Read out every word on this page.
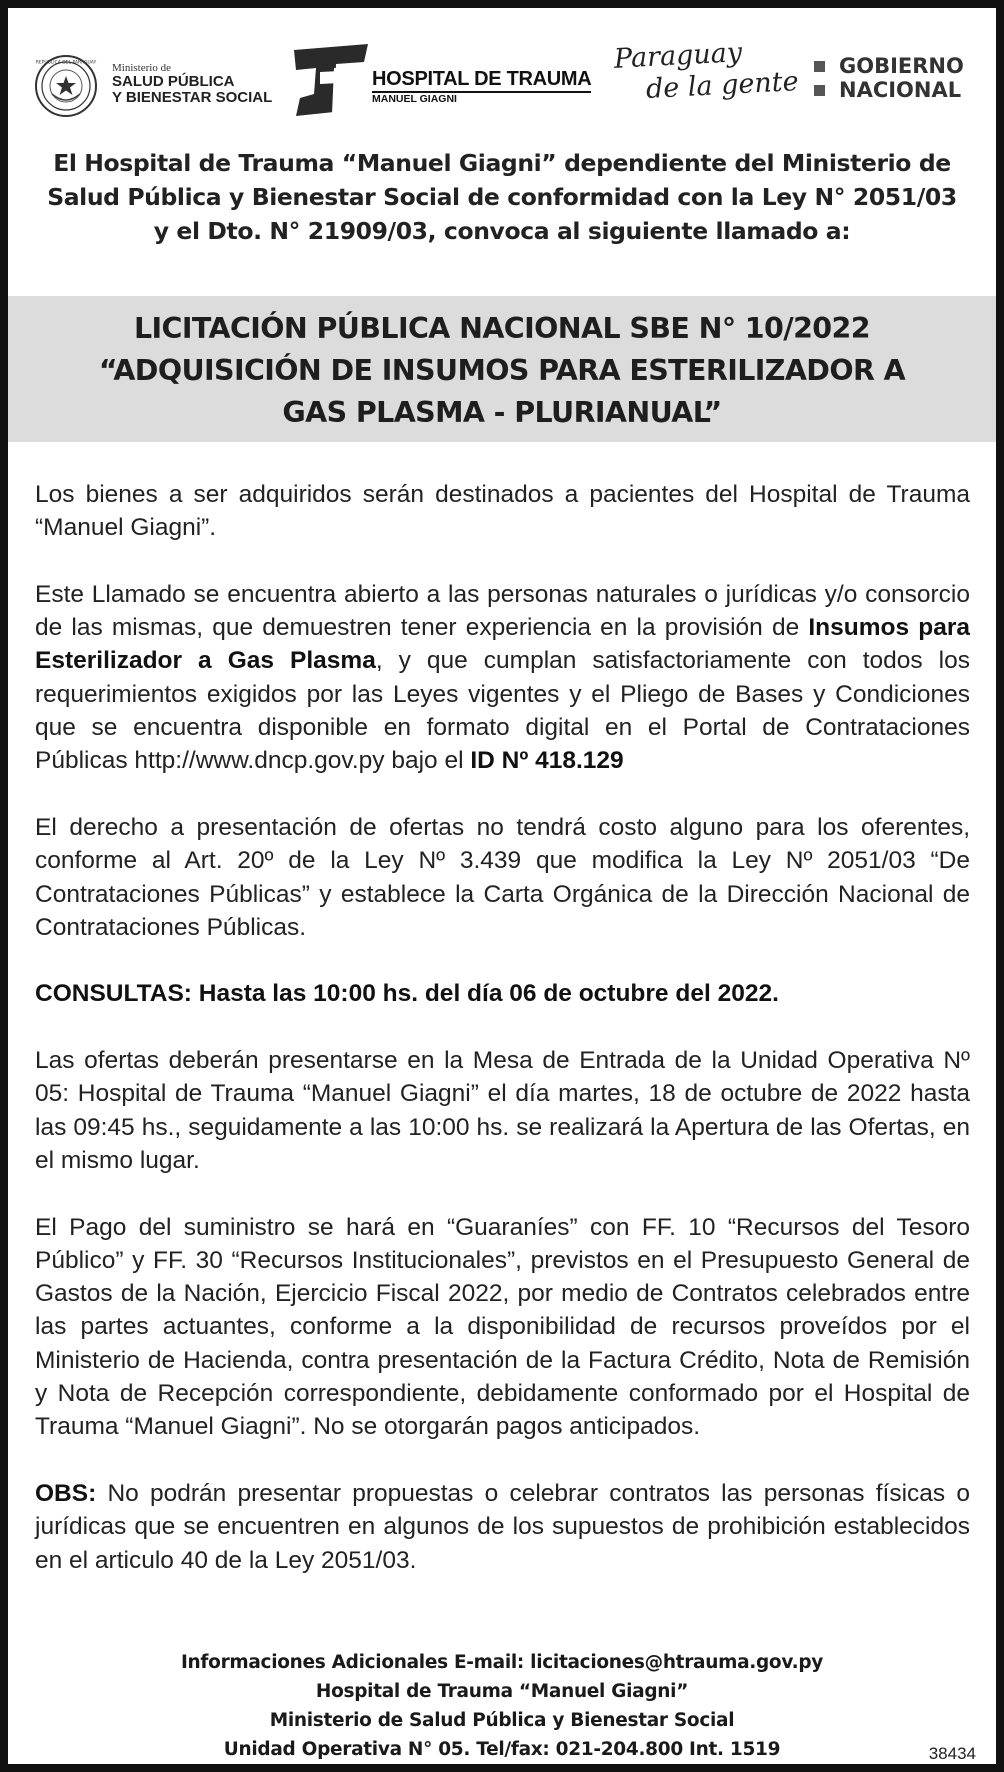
REPÚBLICA DEL PARAGUAY Ministerio de
SALUD PÚBLICA
Y BIENESTAR SOCIAL
HOSPITAL DE TRAUMA
MANUEL GIAGNI
Paraguay
de la gente
GOBIERNO
NACIONAL
El Hospital de Trauma “Manuel Giagni” dependiente del Ministerio de
Salud Pública y Bienestar Social de conformidad con la Ley N° 2051/03
y el Dto. N° 21909/03, convoca al siguiente llamado a:
LICITACIÓN PÚBLICA NACIONAL SBE N° 10/2022
“ADQUISICIÓN DE INSUMOS PARA ESTERILIZADOR A
GAS PLASMA - PLURIANUAL”

Los bienes a ser adquiridos serán destinados a pacientes del Hospital de Trauma “Manuel Giagni”.

Este Llamado se encuentra abierto a las personas naturales o jurídicas y/o consorcio de las mismas, que demuestren tener experiencia en la provisión de Insumos para Esterilizador a Gas Plasma, y que cumplan satisfactoriamente con todos los requerimientos exigidos por las Leyes vigentes y el Pliego de Bases y Condiciones que se encuentra disponible en formato digital en el Portal de Contrataciones Públicas http://www.dncp.gov.py bajo el ID Nº 418.129

El derecho a presentación de ofertas no tendrá costo alguno para los oferentes, conforme al Art. 20º de la Ley Nº 3.439 que modifica la Ley Nº 2051/03 “De Contrataciones Públicas” y establece la Carta Orgánica de la Dirección Nacional de Contrataciones Públicas.

CONSULTAS: Hasta las 10:00 hs. del día 06 de octubre del 2022.

Las ofertas deberán presentarse en la Mesa de Entrada de la Unidad Operativa Nº 05: Hospital de Trauma “Manuel Giagni” el día martes, 18 de octubre de 2022 hasta las 09:45 hs., seguidamente a las 10:00 hs. se realizará la Apertura de las Ofertas, en el mismo lugar.

El Pago del suministro se hará en “Guaraníes” con FF. 10 “Recursos del Tesoro Público” y FF. 30 “Recursos Institucionales”, previstos en el Presupuesto General de Gastos de la Nación, Ejercicio Fiscal 2022, por medio de Contratos celebrados entre las partes actuantes, conforme a la disponibilidad de recursos proveídos por el Ministerio de Hacienda, contra presentación de la Factura Crédito, Nota de Remisión y Nota de Recepción correspondiente, debidamente conformado por el Hospital de Trauma “Manuel Giagni”. No se otorgarán pagos anticipados.

OBS: No podrán presentar propuestas o celebrar contratos las personas físicas o jurídicas que se encuentren en algunos de los supuestos de prohibición establecidos en el articulo 40 de la Ley 2051/03.

Informaciones Adicionales E-mail: licitaciones@htrauma.gov.py
Hospital de Trauma “Manuel Giagni”
Ministerio de Salud Pública y Bienestar Social
Unidad Operativa N° 05. Tel/fax: 021-204.800 Int. 1519	38434
